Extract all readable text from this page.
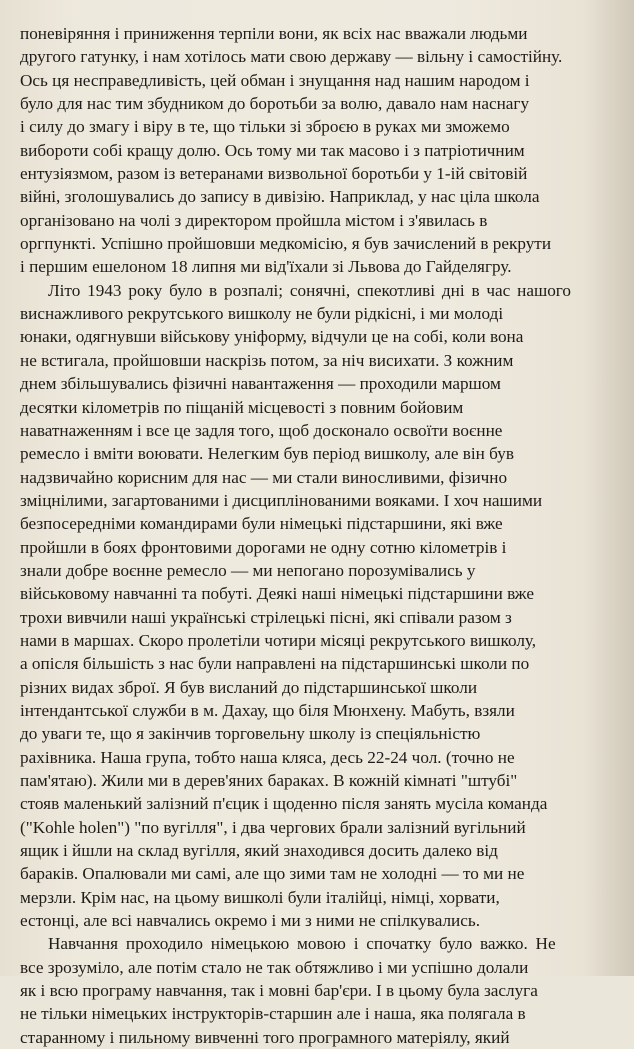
поневіряння і приниження терпіли вони, як всіх нас вважали людьми
другого гатунку, і нам хотілось мати свою державу — вільну і самостійну.
Ось ця несправедливість, цей обман і знущання над нашим народом і
було для нас тим збудником до боротьби за волю, давало нам наснагу
і силу до змагу і віру в те, що тільки зі зброєю в руках ми зможемо
виборoти собі кращу долю. Ось тому ми так масово і з патріотичним
ентузіязмом, разом із ветеранами визвольної боротьби у 1-ій світовій
війні, зголошувались до запису в дивізію. Наприклад, у нас ціла школа
організовано на чолі з директором пройшла містом і з'явилась в
оргпункті. Успішно пройшовши медкомісію, я був зачислений в рекрути
і першим ешелоном 18 липня ми від'їхали зі Львова до Гайделягру.
Літо 1943 року було в розпалі; сонячні, спекотливі дні в час нашого
виснажливого рекрутського вишколу не були рідкісні, і ми молоді
юнаки, одягнувши військову уніформу, відчули це на собі, коли вона
не встигала, пройшовши наскрізь потом, за ніч висихати. З кожним
днем збільшувались фізичні навантаження — проходили маршом
десятки кілометрів по піщаній місцевості з повним бойовим
наватнаженням і все це задля того, щоб досконало освоїти воєнне
ремесло і вміти воювати. Нелегким був період вишколу, але він був
надзвичайно корисним для нас — ми стали виносливими, фізично
зміцнілими, загартованими і дисциплінованими вояками. І хоч нашими
безпосередніми командирами були німецькі підстаршини, які вже
пройшли в боях фронтовими дорогами не одну сотню кілометрів і
знали добре воєнне ремесло — ми непогано порозумівались у
військовому навчанні та побуті. Деякі наші німецькі підстаршини вже
трохи вивчили наші українські стрілецькі пісні, які співали разом з
нами в маршах. Скоро пролетіли чотири місяці рекрутського вишколу,
а опісля більшість з нас були направлені на підстаршинські школи по
різних видах зброї. Я був висланий до підстаршинської школи
інтендантської служби в м. Дахау, що біля Мюнхену. Мабуть, взяли
до уваги те, що я закінчив торговельну школу із спеціяльністю
рахівника. Наша група, тобто наша кляса, десь 22-24 чол. (точно не
пам'ятаю). Жили ми в дерев'яних бараках. В кожній кімнаті "штубі"
стояв маленький залізний п'єцик і щоденно після занять мусіла команда
("Kohle holen") "по вугілля", і два чергових брали залізний вугільний
ящик і йшли на склад вугілля, який знаходився досить далеко від
бараків. Опалювали ми самі, але що зими там не холодні — то ми не
мерзли. Крім нас, на цьому вишколі були італійці, німці, хорвати,
естонці, але всі навчались окремо і ми з ними не спілкувались.
Навчання проходило німецькою мовою і спочатку було важко. Не
все зрозуміло, але потім стало не так обтяжливо і ми успішно долали
як і всю програму навчання, так і мовні бар'єри. І в цьому була заслуга
не тільки німецьких інструкторів-старшин але і наша, яка полягала в
старанному і пильному вивченні того програмного матеріялу, який
